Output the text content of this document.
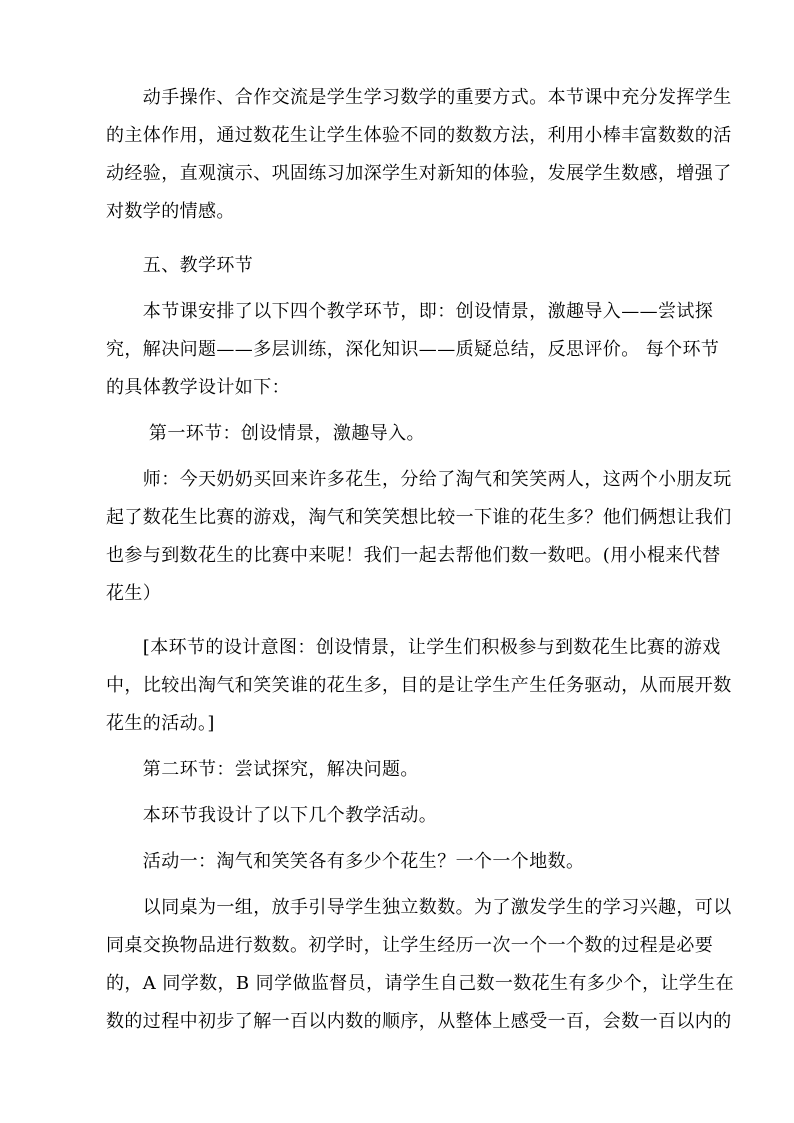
　　动手操作、合作交流是学生学习数学的重要方式。本节课中充分发挥学生
的主体作用，通过数花生让学生体验不同的数数方法，利用小棒丰富数数的活
动经验，直观演示、巩固练习加深学生对新知的体验，发展学生数感，增强了
对数学的情感。
　　五、教学环节
　　本节课安排了以下四个教学环节，即：创设情景，激趣导入——尝试探
究，解决问题——多层训练，深化知识——质疑总结，反思评价。 每个环节
的具体教学设计如下：
　　 第一环节：创设情景，激趣导入。
　　师：今天奶奶买回来许多花生，分给了淘气和笑笑两人，这两个小朋友玩
起了数花生比赛的游戏，淘气和笑笑想比较一下谁的花生多？他们俩想让我们
也参与到数花生的比赛中来呢！我们一起去帮他们数一数吧。(用小棍来代替
花生）
　　[本环节的设计意图：创设情景，让学生们积极参与到数花生比赛的游戏
中，比较出淘气和笑笑谁的花生多，目的是让学生产生任务驱动，从而展开数
花生的活动。]
　　第二环节：尝试探究，解决问题。
　　本环节我设计了以下几个教学活动。
　　活动一：淘气和笑笑各有多少个花生？一个一个地数。
　　以同桌为一组，放手引导学生独立数数。为了激发学生的学习兴趣，可以
同桌交换物品进行数数。初学时，让学生经历一次一个一个数的过程是必要
的，A 同学数，B 同学做监督员，请学生自己数一数花生有多少个，让学生在
数的过程中初步了解一百以内数的顺序，从整体上感受一百，会数一百以内的
